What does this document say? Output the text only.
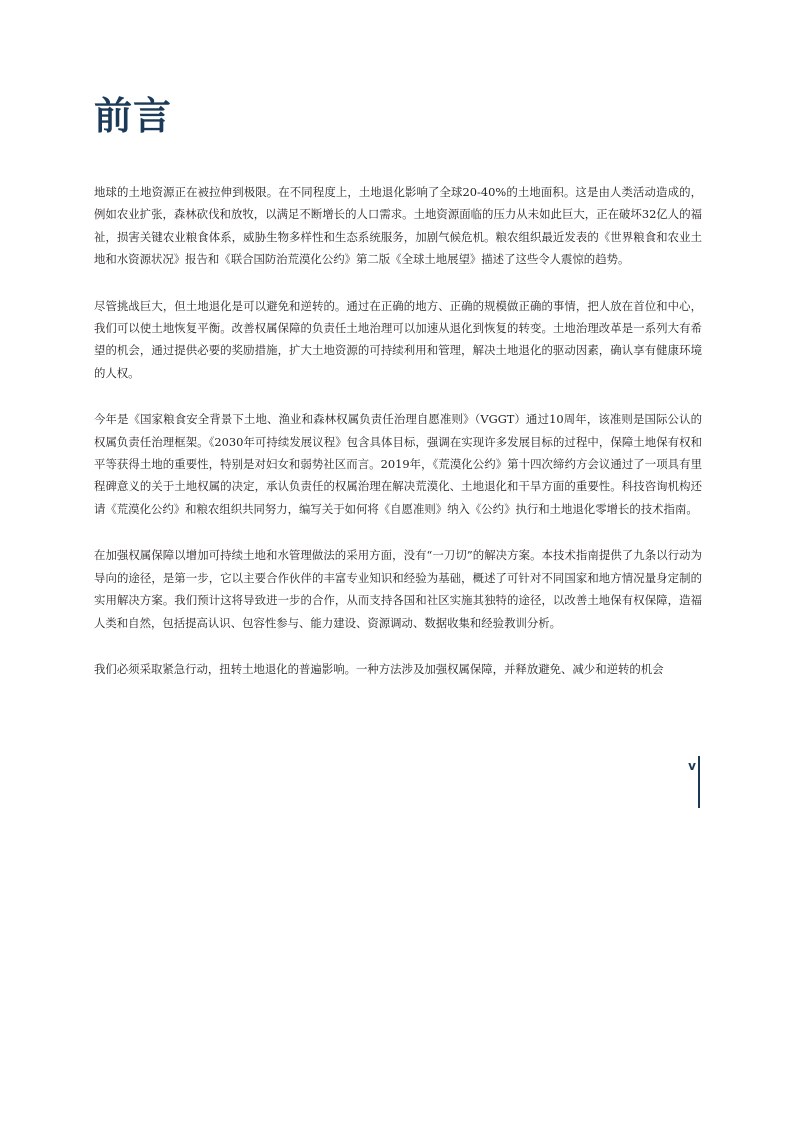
前言

地球的土地资源正在被拉伸到极限。在不同程度上，土地退化影响了全球20-40%的土地面积。这是由人类活动造成的，例如农业扩张，森林砍伐和放牧，以满足不断增长的人口需求。土地资源面临的压力从未如此巨大，正在破坏32亿人的福祉，损害关键农业粮食体系，威胁生物多样性和生态系统服务，加剧气候危机。粮农组织最近发表的《世界粮食和农业土地和水资源状况》报告和《联合国防治荒漠化公约》第二版《全球土地展望》描述了这些令人震惊的趋势。

尽管挑战巨大，但土地退化是可以避免和逆转的。通过在正确的地方、正确的规模做正确的事情，把人放在首位和中心，我们可以使土地恢复平衡。改善权属保障的负责任土地治理可以加速从退化到恢复的转变。土地治理改革是一系列大有希望的机会，通过提供必要的奖励措施，扩大土地资源的可持续利用和管理，解决土地退化的驱动因素，确认享有健康环境的人权。

今年是《国家粮食安全背景下土地、渔业和森林权属负责任治理自愿准则》（VGGT）通过10周年，该准则是国际公认的权属负责任治理框架。《2030年可持续发展议程》包含具体目标，强调在实现许多发展目标的过程中，保障土地保有权和平等获得土地的重要性，特别是对妇女和弱势社区而言。2019年，《荒漠化公约》第十四次缔约方会议通过了一项具有里程碑意义的关于土地权属的决定，承认负责任的权属治理在解决荒漠化、土地退化和干旱方面的重要性。科技咨询机构还请《荒漠化公约》和粮农组织共同努力，编写关于如何将《自愿准则》纳入《公约》执行和土地退化零增长的技术指南。

在加强权属保障以增加可持续土地和水管理做法的采用方面，没有“一刀切”的解决方案。本技术指南提供了九条以行动为导向的途径，是第一步，它以主要合作伙伴的丰富专业知识和经验为基础，概述了可针对不同国家和地方情况量身定制的实用解决方案。我们预计这将导致进一步的合作，从而支持各国和社区实施其独特的途径，以改善土地保有权保障，造福人类和自然，包括提高认识、包容性参与、能力建设、资源调动、数据收集和经验教训分析。

我们必须采取紧急行动，扭转土地退化的普遍影响。一种方法涉及加强权属保障，并释放避免、减少和逆转的机会

v
